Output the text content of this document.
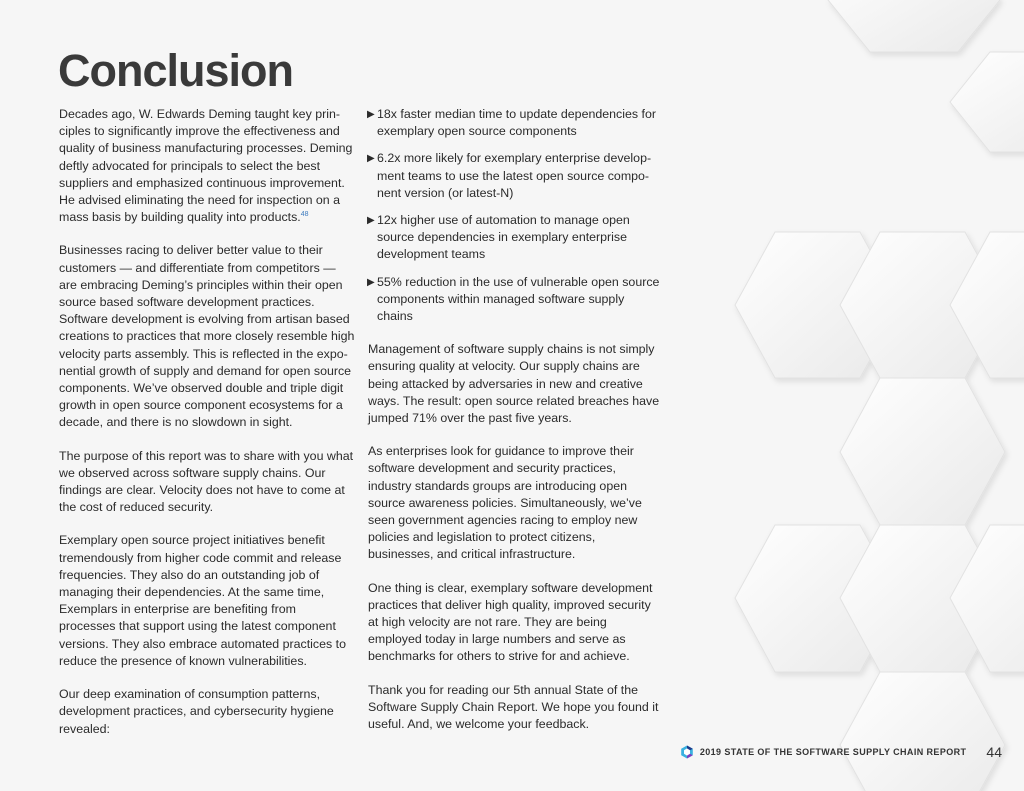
Conclusion

Decades ago, W. Edwards Deming taught key prin-ciples to significantly improve the effectiveness and quality of business manufacturing processes. Deming deftly advocated for principals to select the best suppliers and emphasized continuous improvement. He advised eliminating the need for inspection on a mass basis by building quality into products.$^{48}$

Businesses racing to deliver better value to their customers — and differentiate from competitors — are embracing Deming’s principles within their open source based software development practices. Software development is evolving from artisan based creations to practices that more closely resemble high velocity parts assembly. This is reflected in the expo-nential growth of supply and demand for open source components. We’ve observed double and triple digit growth in open source component ecosystems for a decade, and there is no slowdown in sight.

The purpose of this report was to share with you what we observed across software supply chains. Our findings are clear. Velocity does not have to come at the cost of reduced security.

Exemplary open source project initiatives benefit tremendously from higher code commit and release frequencies. They also do an outstanding job of managing their dependencies. At the same time, Exemplars in enterprise are benefiting from processes that support using the latest component versions. They also embrace automated practices to reduce the presence of known vulnerabilities.

Our deep examination of consumption patterns, development practices, and cybersecurity hygiene revealed:

▶ 18x faster median time to update dependencies for exemplary open source components
▶ 6.2x more likely for exemplary enterprise develop-ment teams to use the latest open source compo-nent version (or latest-N)
▶ 12x higher use of automation to manage open source dependencies in exemplary enterprise development teams
▶ 55% reduction in the use of vulnerable open source components within managed software supply chains

Management of software supply chains is not simply ensuring quality at velocity. Our supply chains are being attacked by adversaries in new and creative ways. The result: open source related breaches have jumped 71% over the past five years.

As enterprises look for guidance to improve their software development and security practices, industry standards groups are introducing open source awareness policies. Simultaneously, we’ve seen government agencies racing to employ new policies and legislation to protect citizens, businesses, and critical infrastructure.

One thing is clear, exemplary software development practices that deliver high quality, improved security at high velocity are not rare. They are being employed today in large numbers and serve as benchmarks for others to strive for and achieve.

Thank you for reading our 5th annual State of the Software Supply Chain Report. We hope you found it useful. And, we welcome your feedback.

2019 STATE OF THE SOFTWARE SUPPLY CHAIN REPORT 44
